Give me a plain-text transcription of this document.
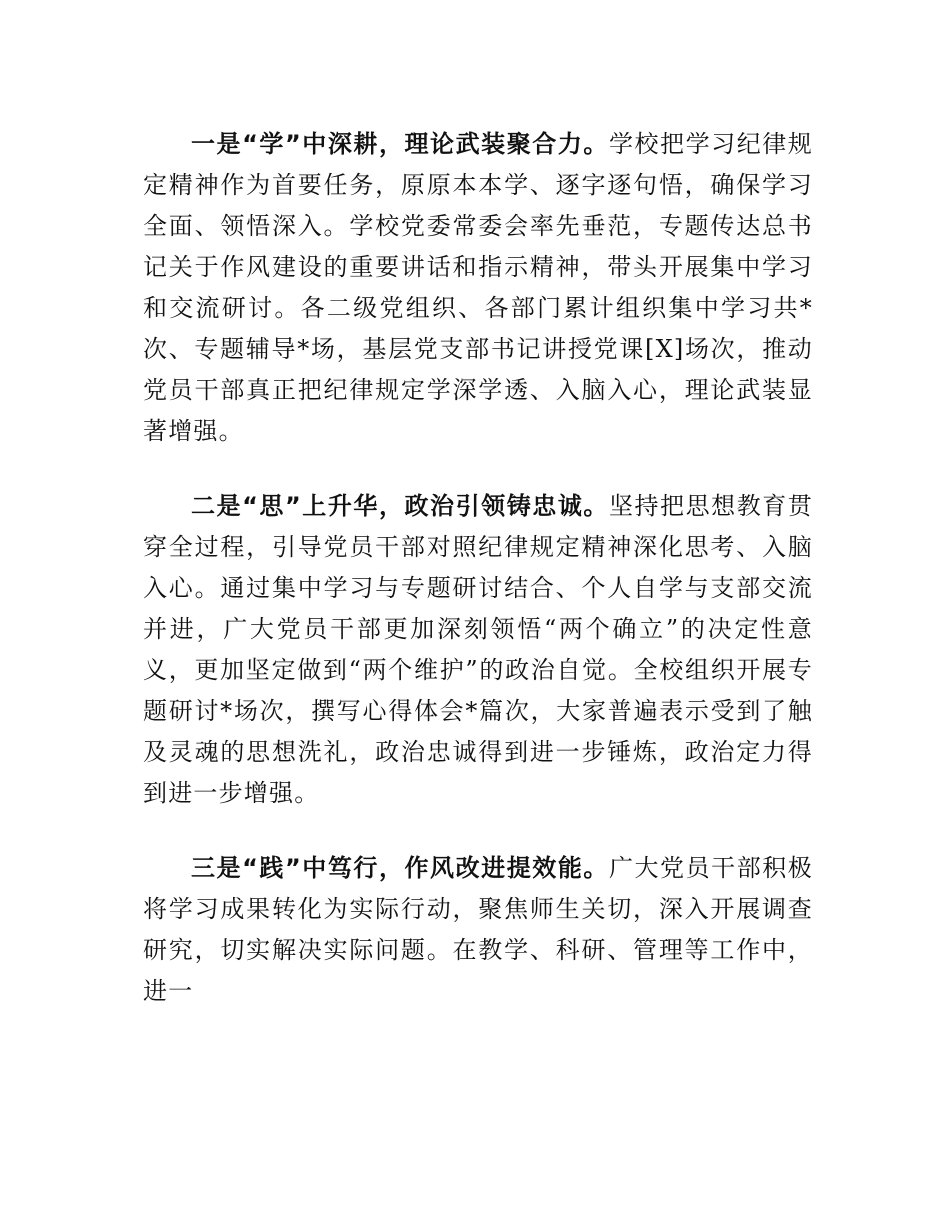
一是“学”中深耕，理论武装聚合力。学校把学习纪律规定精神作为首要任务，原原本本学、逐字逐句悟，确保学习全面、领悟深入。学校党委常委会率先垂范，专题传达总书记关于作风建设的重要讲话和指示精神，带头开展集中学习和交流研讨。各二级党组织、各部门累计组织集中学习共*次、专题辅导*场，基层党支部书记讲授党课[X]场次，推动党员干部真正把纪律规定学深学透、入脑入心，理论武装显著增强。

二是“思”上升华，政治引领铸忠诚。坚持把思想教育贯穿全过程，引导党员干部对照纪律规定精神深化思考、入脑入心。通过集中学习与专题研讨结合、个人自学与支部交流并进，广大党员干部更加深刻领悟“两个确立”的决定性意义，更加坚定做到“两个维护”的政治自觉。全校组织开展专题研讨*场次，撰写心得体会*篇次，大家普遍表示受到了触及灵魂的思想洗礼，政治忠诚得到进一步锤炼，政治定力得到进一步增强。

三是“践”中笃行，作风改进提效能。广大党员干部积极将学习成果转化为实际行动，聚焦师生关切，深入开展调查研究，切实解决实际问题。在教学、科研、管理等工作中，进一
